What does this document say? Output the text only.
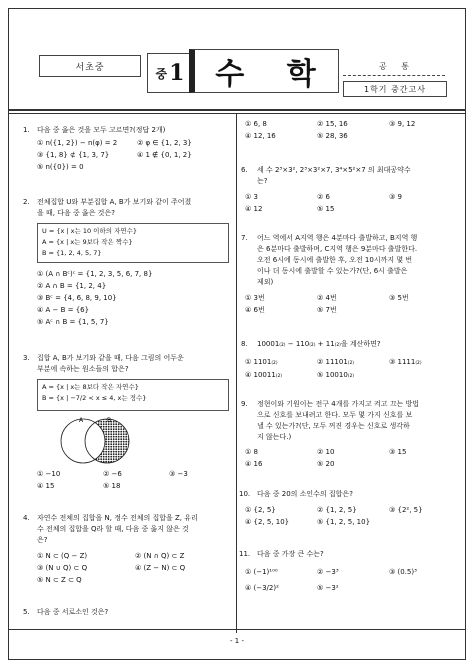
서초중	중 1	수 학	공 통
1학기 중간고사
- 1 -
1. 다음 중 옳은 것을 모두 고르면?(정답 2개)
① n({1, 2}) − n(φ) = 2	② φ ∈ {1, 2, 3}
③ {1, 8} ⊄ {1, 3, 7}	④ 1 ∉ {0, 1, 2}
⑤ n({0}) = 0
2. 전체집합 U와 부분집합 A, B가 보기와 같이 주어졌
을 때, 다음 중 옳은 것은?
U = {x | x는 10 이하의 자연수}
A = {x | x는 9보다 작은 짝수}
B = {1, 2, 4, 5, 7}
① (A ∩ Bᶜ)ᶜ = {1, 2, 3, 5, 6, 7, 8}
② A ∩ B = {1, 2, 4}
③ Bᶜ = {4, 6, 8, 9, 10}
④ A − B = {6}
⑤ Aᶜ ∩ B = {1, 5, 7}
3. 집합 A, B가 보기와 같을 때, 다음 그림의 어두운
부분에 속하는 원소들의 합은?
A = {x | x는 8보다 작은 자연수}
B = {x | −7/2 < x ≤ 4, x는 정수}
A	B
① −10	② −6	③ −3
④ 15	⑤ 18
4. 자연수 전체의 집합을 N, 정수 전체의 집합을 Z, 유리
수 전체의 집합을 Q라 할 때, 다음 중 옳지 않은 것
은?
① N ⊂ (Q − Z)	② (N ∩ Q) ⊂ Z
③ (N ∪ Q) ⊂ Q	④ (Z − N) ⊂ Q
⑤ N ⊂ Z ⊂ Q
5. 다음 중 서로소인 것은?
① 6, 8	② 15, 16	③ 9, 12
④ 12, 16	⑤ 28, 36
6. 세 수 2³×3², 2³×3²×7, 3⁴×5²×7 의 최대공약수
는?
① 3	② 6	③ 9
④ 12	⑤ 15
7. 어느 역에서 A지역 행은 4분마다 출발하고, B지역 행
은 6분마다 출발하며, C지역 행은 9분마다 출발한다.
오전 6시에 동시에 출발한 후, 오전 10시까지 몇 번
이나 더 동시에 출발할 수 있는가?(단, 6시 출발은
제외)
① 3번	② 4번	③ 5번
④ 6번	⑤ 7번
8. 10001₍₂₎ − 110₍₂₎ + 11₍₂₎을 계산하면?
① 1101₍₂₎	② 11101₍₂₎	③ 1111₍₂₎
④ 10011₍₂₎	⑤ 10010₍₂₎
9. 정현이와 기원이는 전구 4개를 가지고 켜고 끄는 방법
으로 신호를 보내려고 한다. 모두 몇 가지 신호를 보
낼 수 있는가?(단, 모두 꺼진 경우는 신호로 생각하
지 않는다.)
① 8	② 10	③ 15
④ 16	⑤ 20
10. 다음 중 20의 소인수의 집합은?
① {2, 5}	② {1, 2, 5}	③ {2², 5}
④ {2, 5, 10}	⑤ {1, 2, 5, 10}
11. 다음 중 가장 큰 수는?
① (−1)¹⁰⁰	② −3³	③ (0.5)³
④ (−3/2)²	⑤ −3²
